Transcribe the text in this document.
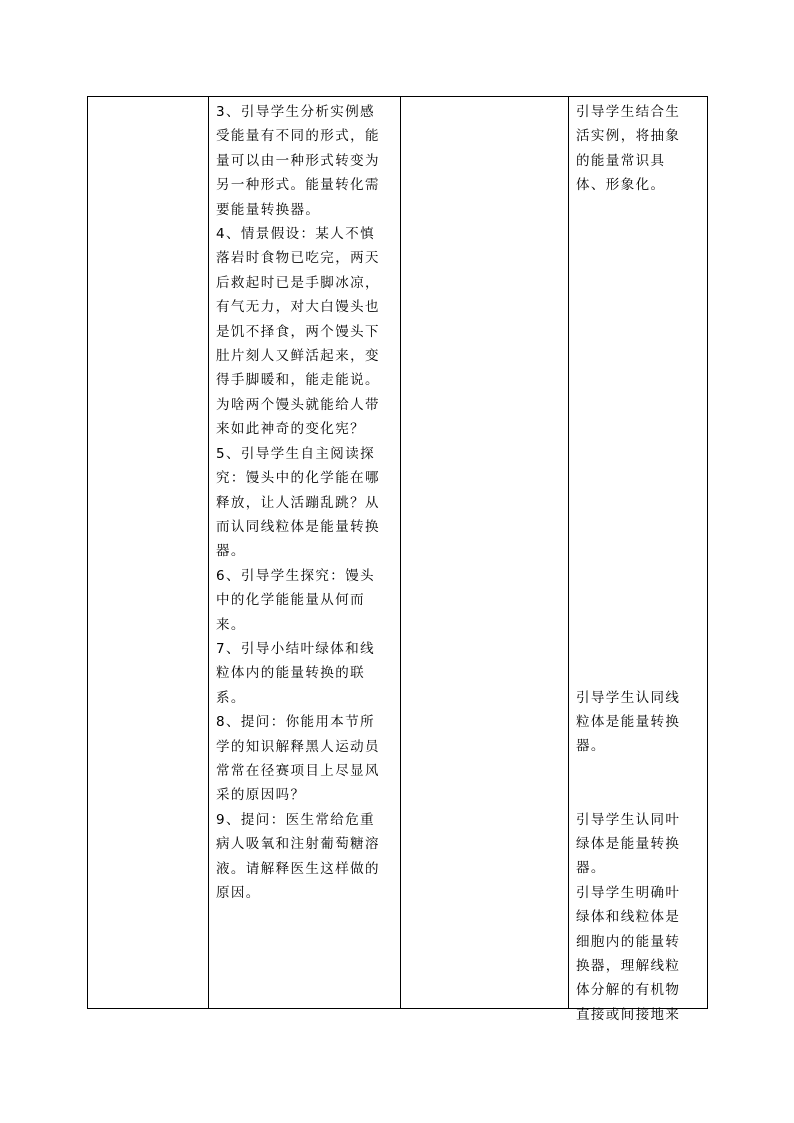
3、引导学生分析实例感

受能量有不同的形式，能

量可以由一种形式转变为

另一种形式。能量转化需

要能量转换器。

4、情景假设：某人不慎

落岩时食物已吃完，两天

后救起时已是手脚冰凉，

有气无力，对大白馒头也

是饥不择食，两个馒头下

肚片刻人又鲜活起来，变

得手脚暖和，能走能说。

为啥两个馒头就能给人带

来如此神奇的变化宪？

5、引导学生自主阅读探

究：馒头中的化学能在哪

释放，让人活蹦乱跳？从

而认同线粒体是能量转换

器。

6、引导学生探究：馒头

中的化学能能量从何而

来。

7、引导小结叶绿体和线

粒体内的能量转换的联

系。

8、提问：你能用本节所

学的知识解释黑人运动员

常常在径赛项目上尽显风

采的原因吗？

9、提问：医生常给危重

病人吸氧和注射葡萄糖溶

液。请解释医生这样做的

原因。

引导学生结合生

活实例，将抽象

的能量常识具

体、形象化。

引导学生认同线

粒体是能量转换

器。

引导学生认同叶

绿体是能量转换

器。

引导学生明确叶

绿体和线粒体是

细胞内的能量转

换器，理解线粒

体分解的有机物

直接或间接地来
